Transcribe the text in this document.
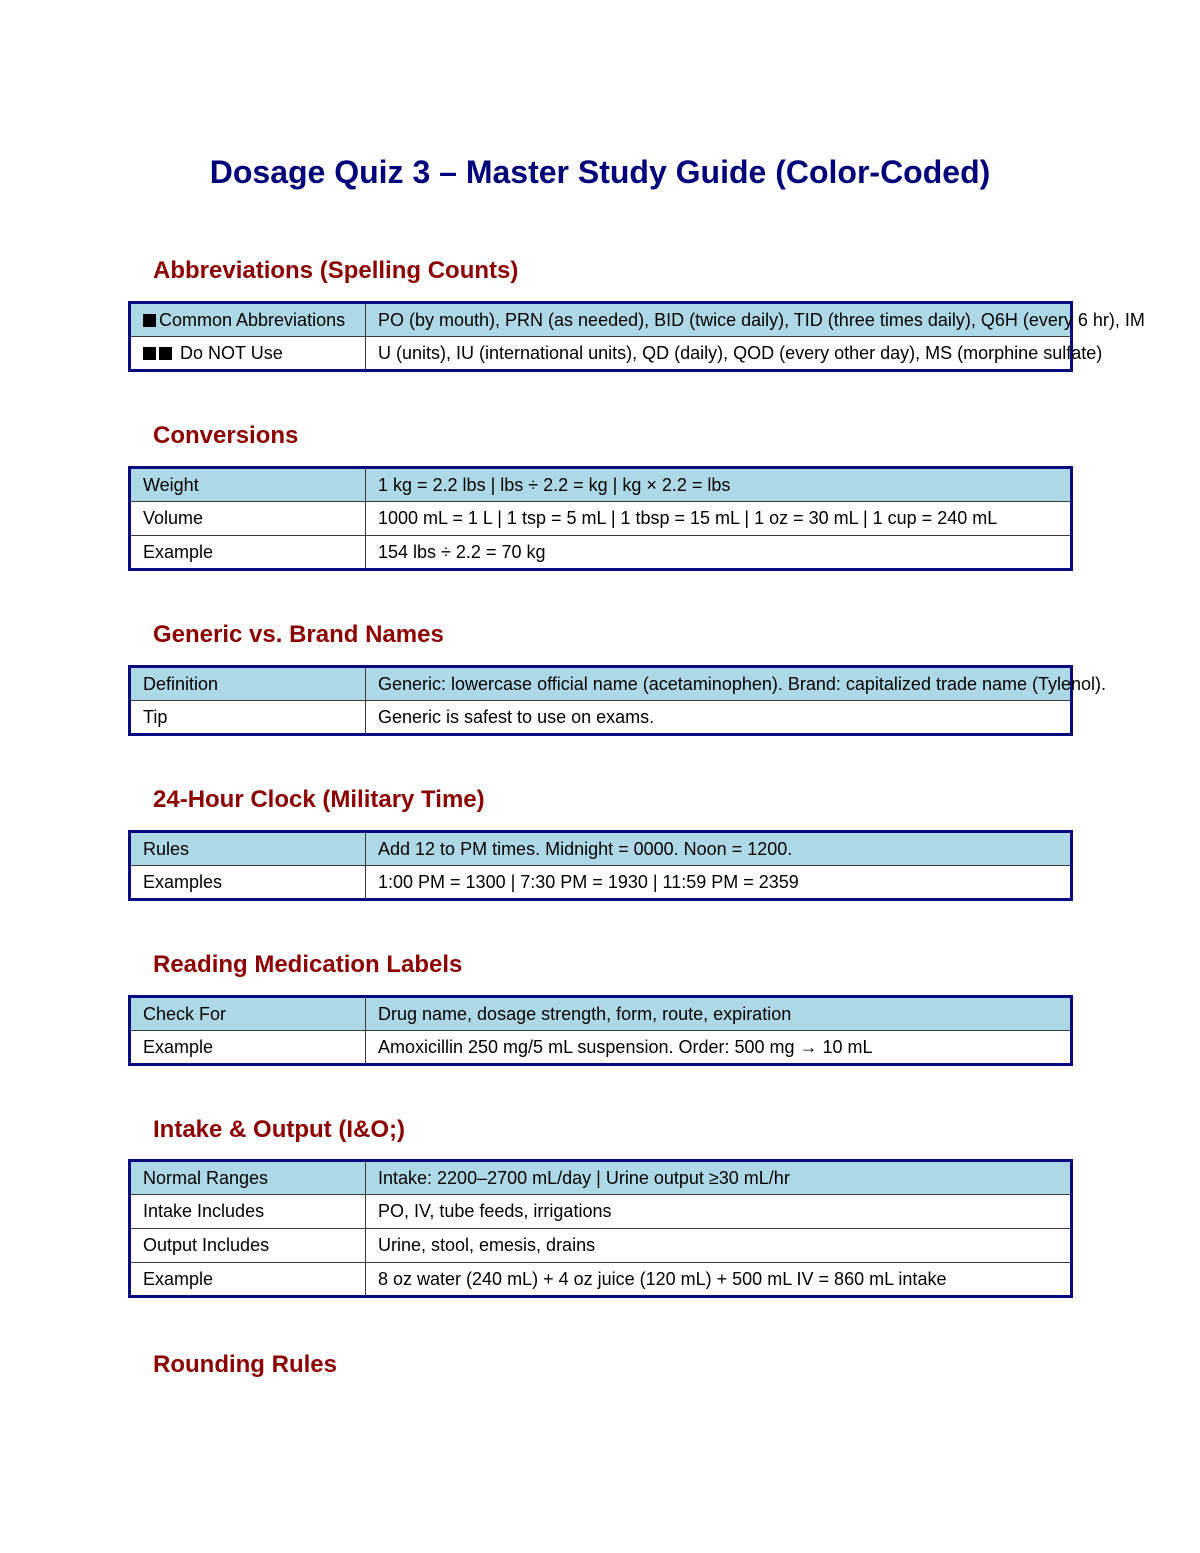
Dosage Quiz 3 – Master Study Guide (Color-Coded)
Abbreviations (Spelling Counts)
Common Abbreviations	PO (by mouth), PRN (as needed), BID (twice daily), TID (three times daily), Q6H (every 6 hr), IM
Do NOT Use	U (units), IU (international units), QD (daily), QOD (every other day), MS (morphine sulfate)
Conversions
Weight	1 kg = 2.2 lbs | lbs ÷ 2.2 = kg | kg × 2.2 = lbs
Volume	1000 mL = 1 L | 1 tsp = 5 mL | 1 tbsp = 15 mL | 1 oz = 30 mL | 1 cup = 240 mL
Example	154 lbs ÷ 2.2 = 70 kg
Generic vs. Brand Names
Definition	Generic: lowercase official name (acetaminophen). Brand: capitalized trade name (Tylenol).
Tip	Generic is safest to use on exams.
24-Hour Clock (Military Time)
Rules	Add 12 to PM times. Midnight = 0000. Noon = 1200.
Examples	1:00 PM = 1300 | 7:30 PM = 1930 | 11:59 PM = 2359
Reading Medication Labels
Check For	Drug name, dosage strength, form, route, expiration
Example	Amoxicillin 250 mg/5 mL suspension. Order: 500 mg → 10 mL
Intake & Output (I&O;)
Normal Ranges	Intake: 2200–2700 mL/day | Urine output ≥30 mL/hr
Intake Includes	PO, IV, tube feeds, irrigations
Output Includes	Urine, stool, emesis, drains
Example	8 oz water (240 mL) + 4 oz juice (120 mL) + 500 mL IV = 860 mL intake
Rounding Rules
